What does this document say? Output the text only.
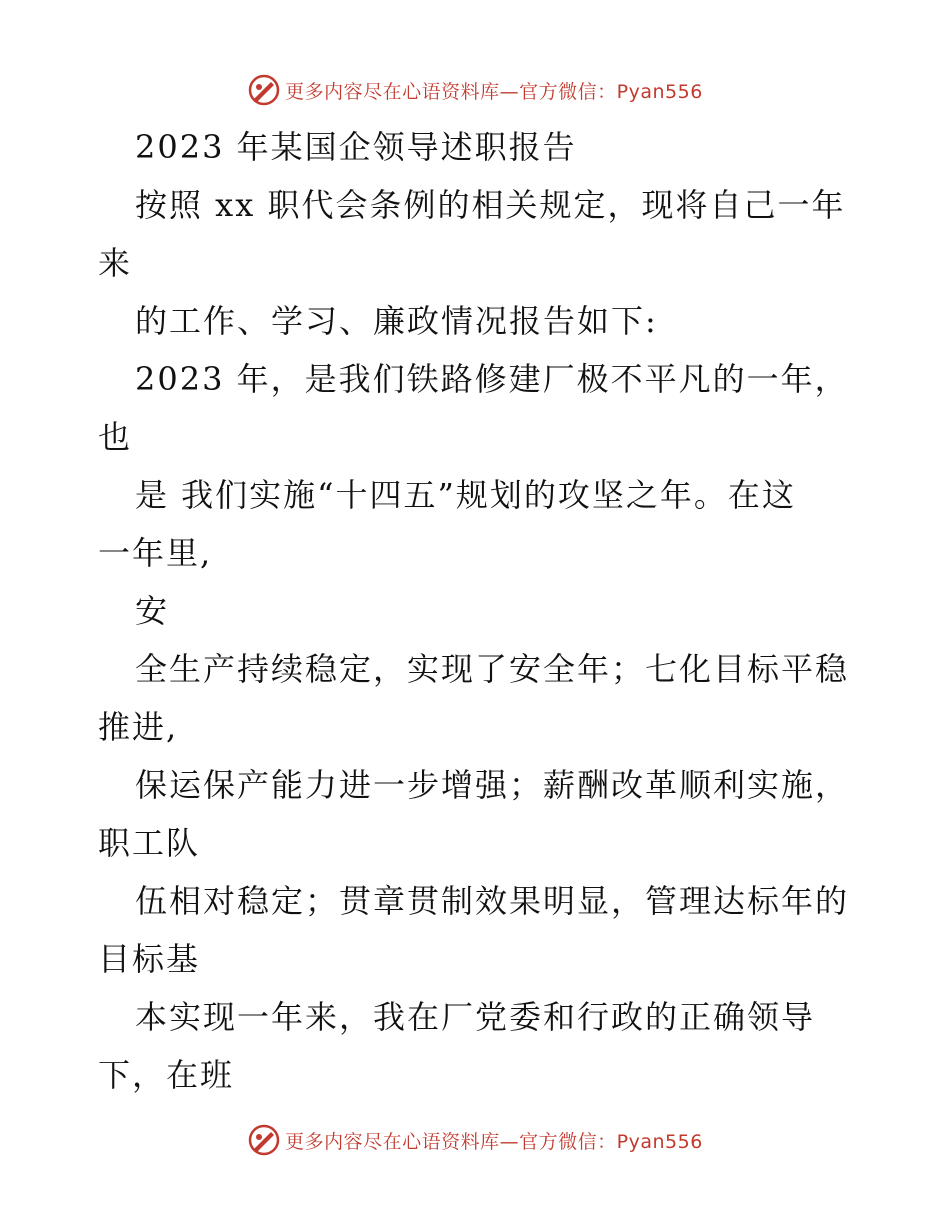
更多内容尽在心语资料库—官方微信：Pyan556
2023 年某国企领导述职报告
按照 xx 职代会条例的相关规定，现将自己一年
来
的工作、学习、廉政情况报告如下:
2023 年，是我们铁路修建厂极不平凡的一年，
也
是 我们实施“十四五”规划的攻坚之年。在这
一年里,
安
全生产持续稳定，实现了安全年；七化目标平稳
推进,
保运保产能力进一步增强；薪酬改革顺利实施，
职工队
伍相对稳定；贯章贯制效果明显，管理达标年的
目标基
本实现一年来，我在厂党委和行政的正确领导
下，在班
更多内容尽在心语资料库—官方微信：Pyan556
